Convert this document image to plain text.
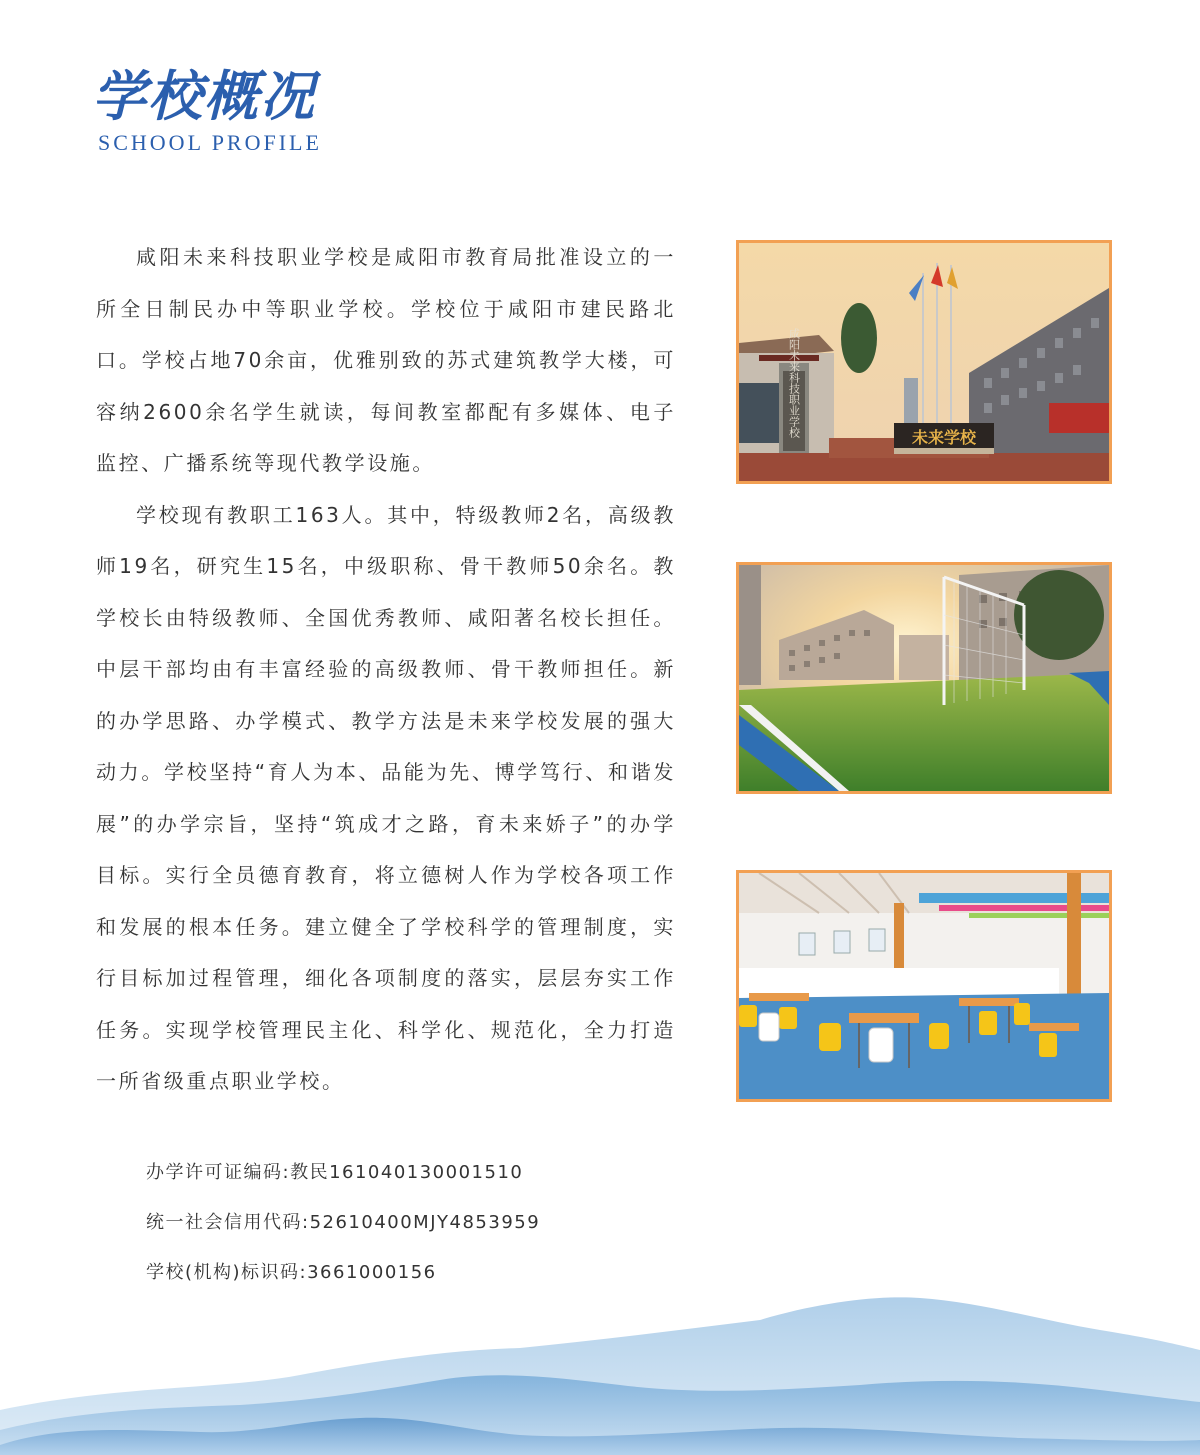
学校概况
SCHOOL PROFILE

咸阳未来科技职业学校是咸阳市教育局批准设立的一所全日制民办中等职业学校。学校位于咸阳市建民路北口。学校占地70余亩，优雅别致的苏式建筑教学大楼，可容纳2600余名学生就读，每间教室都配有多媒体、电子监控、广播系统等现代教学设施。

学校现有教职工163人。其中，特级教师2名，高级教师19名，研究生15名，中级职称、骨干教师50余名。教学校长由特级教师、全国优秀教师、咸阳著名校长担任。中层干部均由有丰富经验的高级教师、骨干教师担任。新的办学思路、办学模式、教学方法是未来学校发展的强大动力。学校坚持“育人为本、品能为先、博学笃行、和谐发展”的办学宗旨，坚持“筑成才之路，育未来娇子”的办学目标。实行全员德育教育，将立德树人作为学校各项工作和发展的根本任务。建立健全了学校科学的管理制度，实行目标加过程管理，细化各项制度的落实，层层夯实工作任务。实现学校管理民主化、科学化、规范化，全力打造一所省级重点职业学校。

办学许可证编码:教民161040130001510
统一社会信用代码:52610400MJY4853959
学校(机构)标识码:3661000156
咸阳未来科技职业学校	未来学校
